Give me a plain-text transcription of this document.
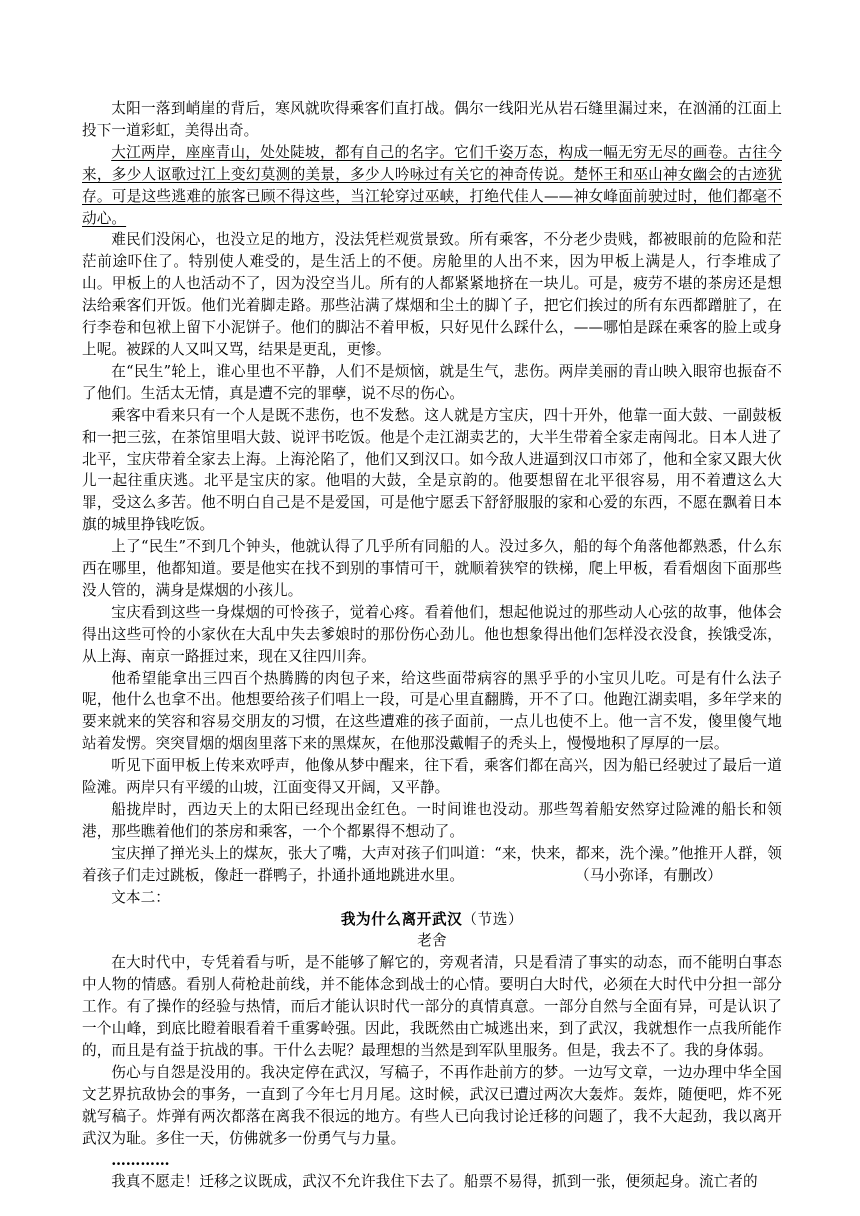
太阳一落到峭崖的背后，寒风就吹得乘客们直打战。偶尔一线阳光从岩石缝里漏过来，在汹涌的江面上投下一道彩虹，美得出奇。

大江两岸，座座青山，处处陡坡，都有自己的名字。它们千姿万态，构成一幅无穷无尽的画卷。古往今来，多少人讴歌过江上变幻莫测的美景，多少人吟咏过有关它的神奇传说。楚怀王和巫山神女幽会的古迹犹存。可是这些逃难的旅客已顾不得这些，当江轮穿过巫峡，打绝代佳人——神女峰面前驶过时，他们都毫不动心。

难民们没闲心，也没立足的地方，没法凭栏观赏景致。所有乘客，不分老少贵贱，都被眼前的危险和茫茫前途吓住了。特别使人难受的，是生活上的不便。房舱里的人出不来，因为甲板上满是人，行李堆成了山。甲板上的人也活动不了，因为没空当儿。所有的人都紧紧地挤在一块儿。可是，疲劳不堪的茶房还是想法给乘客们开饭。他们光着脚走路。那些沾满了煤烟和尘土的脚丫子，把它们挨过的所有东西都蹭脏了，在行李卷和包袱上留下小泥饼子。他们的脚沾不着甲板，只好见什么踩什么，——哪怕是踩在乘客的脸上或身上呢。被踩的人又叫又骂，结果是更乱，更惨。

在“民生”轮上，谁心里也不平静，人们不是烦恼，就是生气，悲伤。两岸美丽的青山映入眼帘也振奋不了他们。生活太无情，真是遭不完的罪孽，说不尽的伤心。

乘客中看来只有一个人是既不悲伤，也不发愁。这人就是方宝庆，四十开外，他靠一面大鼓、一副鼓板和一把三弦，在茶馆里唱大鼓、说评书吃饭。他是个走江湖卖艺的，大半生带着全家走南闯北。日本人进了北平，宝庆带着全家去上海。上海沦陷了，他们又到汉口。如今敌人进逼到汉口市郊了，他和全家又跟大伙儿一起往重庆逃。北平是宝庆的家。他唱的大鼓，全是京韵的。他要想留在北平很容易，用不着遭这么大罪，受这么多苦。他不明白自己是不是爱国，可是他宁愿丢下舒舒服服的家和心爱的东西，不愿在飘着日本旗的城里挣钱吃饭。

上了“民生”不到几个钟头，他就认得了几乎所有同船的人。没过多久，船的每个角落他都熟悉，什么东西在哪里，他都知道。要是他实在找不到别的事情可干，就顺着狭窄的铁梯，爬上甲板，看看烟囱下面那些没人管的，满身是煤烟的小孩儿。

宝庆看到这些一身煤烟的可怜孩子，觉着心疼。看着他们，想起他说过的那些动人心弦的故事，他体会得出这些可怜的小家伙在大乱中失去爹娘时的那份伤心劲儿。他也想象得出他们怎样没衣没食，挨饿受冻，从上海、南京一路捱过来，现在又往四川奔。

他希望能拿出三四百个热腾腾的肉包子来，给这些面带病容的黑乎乎的小宝贝儿吃。可是有什么法子呢，他什么也拿不出。他想要给孩子们唱上一段，可是心里直翻腾，开不了口。他跑江湖卖唱，多年学来的要来就来的笑容和容易交朋友的习惯，在这些遭难的孩子面前，一点儿也使不上。他一言不发，傻里傻气地站着发愣。突突冒烟的烟囱里落下来的黑煤灰，在他那没戴帽子的秃头上，慢慢地积了厚厚的一层。

听见下面甲板上传来欢呼声，他像从梦中醒来，往下看，乘客们都在高兴，因为船已经驶过了最后一道险滩。两岸只有平缓的山坡，江面变得又开阔，又平静。

船拢岸时，西边天上的太阳已经现出金红色。一时间谁也没动。那些驾着船安然穿过险滩的船长和领港，那些瞧着他们的茶房和乘客，一个个都累得不想动了。

宝庆掸了掸光头上的煤灰，张大了嘴，大声对孩子们叫道：“来，快来，都来，洗个澡。”他推开人群，领着孩子们走过跳板，像赶一群鸭子，扑通扑通地跳进水里。	（马小弥译，有删改）

文本二：

我为什么离开武汉（节选）

老舍

在大时代中，专凭着看与听，是不能够了解它的，旁观者清，只是看清了事实的动态，而不能明白事态中人物的情感。看别人荷枪赴前线，并不能体念到战士的心情。要明白大时代，必须在大时代中分担一部分工作。有了操作的经验与热情，而后才能认识时代一部分的真情真意。一部分自然与全面有异，可是认识了一个山峰，到底比瞪着眼看着千重雾岭强。因此，我既然由亡城逃出来，到了武汉，我就想作一点我所能作的，而且是有益于抗战的事。干什么去呢？最理想的当然是到军队里服务。但是，我去不了。我的身体弱。

伤心与自怨是没用的。我决定停在武汉，写稿子，不再作赴前方的梦。一边写文章，一边办理中华全国文艺界抗敌协会的事务，一直到了今年七月月尾。这时候，武汉已遭过两次大轰炸。轰炸，随便吧，炸不死就写稿子。炸弹有两次都落在离我不很远的地方。有些人已向我讨论迁移的问题了，我不大起劲，我以离开武汉为耻。多住一天，仿佛就多一份勇气与力量。

…………

我真不愿走！迁移之议既成，武汉不允许我住下去了。船票不易得，抓到一张，便须起身。流亡者的
